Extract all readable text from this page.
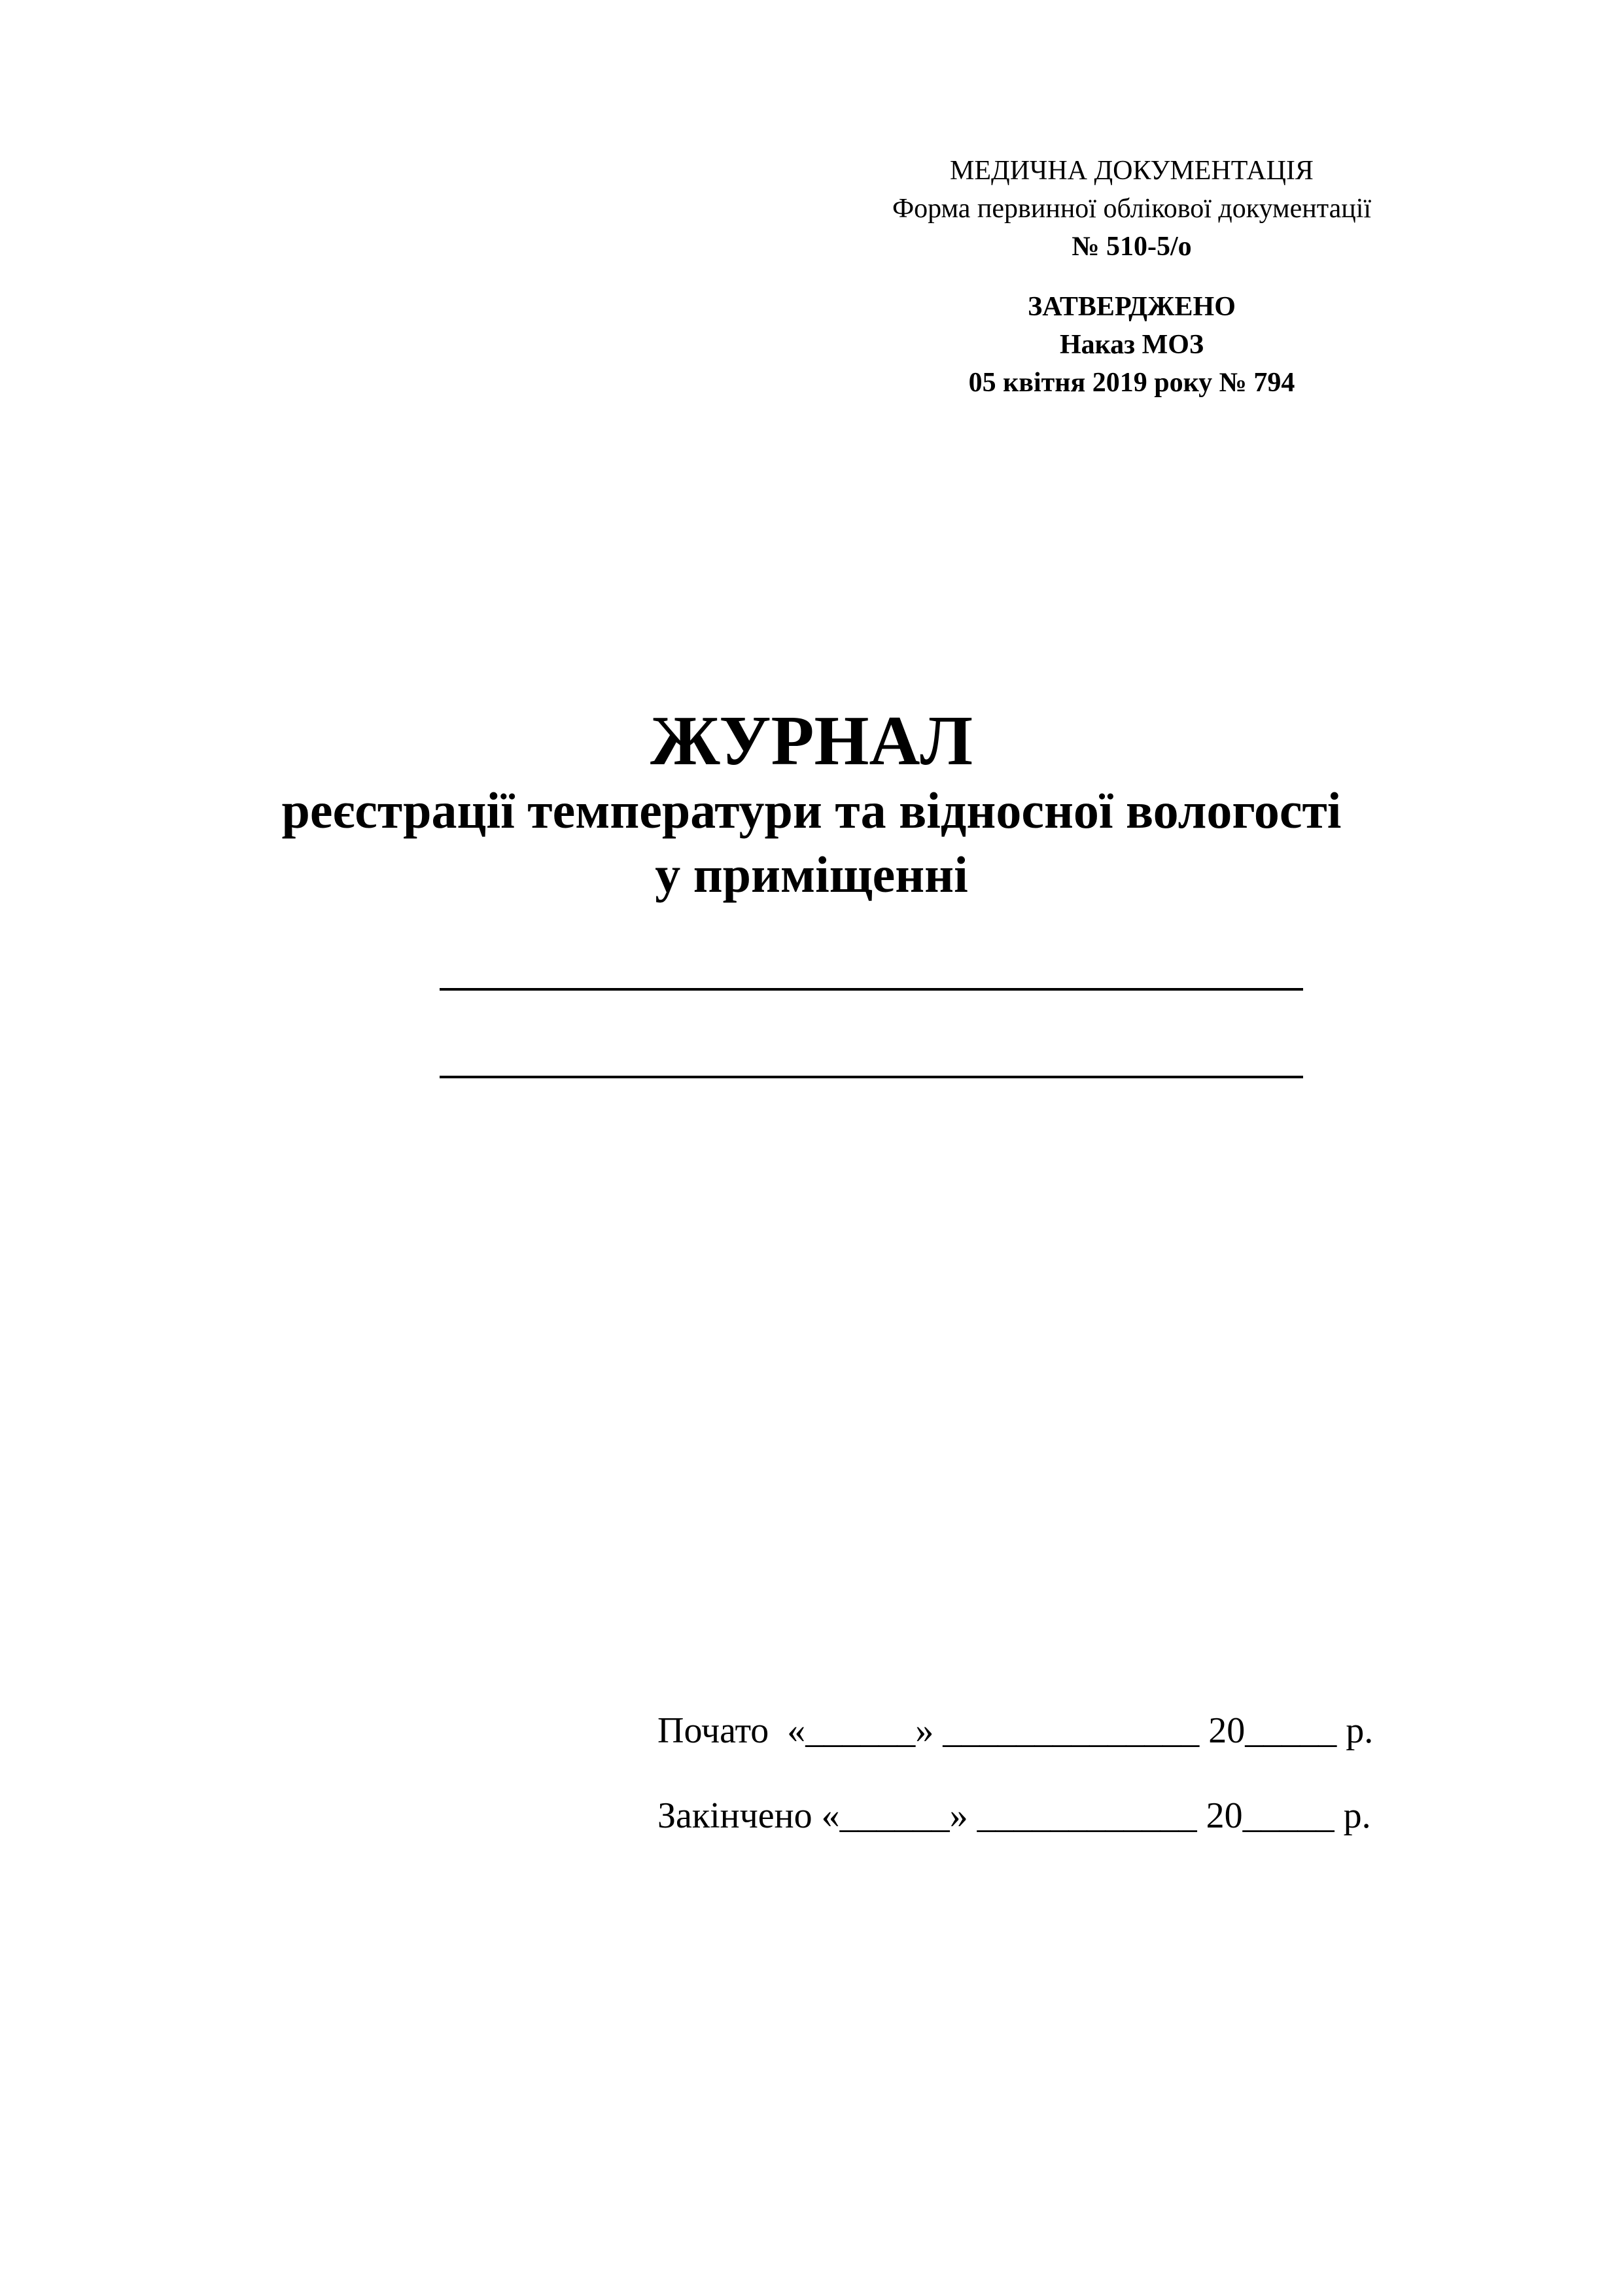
МЕДИЧНА ДОКУМЕНТАЦІЯ
Форма первинної облікової документації
№ 510-5/о
ЗАТВЕРДЖЕНО
Наказ МОЗ
05 квітня 2019 року № 794
ЖУРНАЛ
реєстрації температури та відносної вологості
у приміщенні
Почато  «______» ______________ 20_____ р.
Закінчено «______» ____________ 20_____ р.
